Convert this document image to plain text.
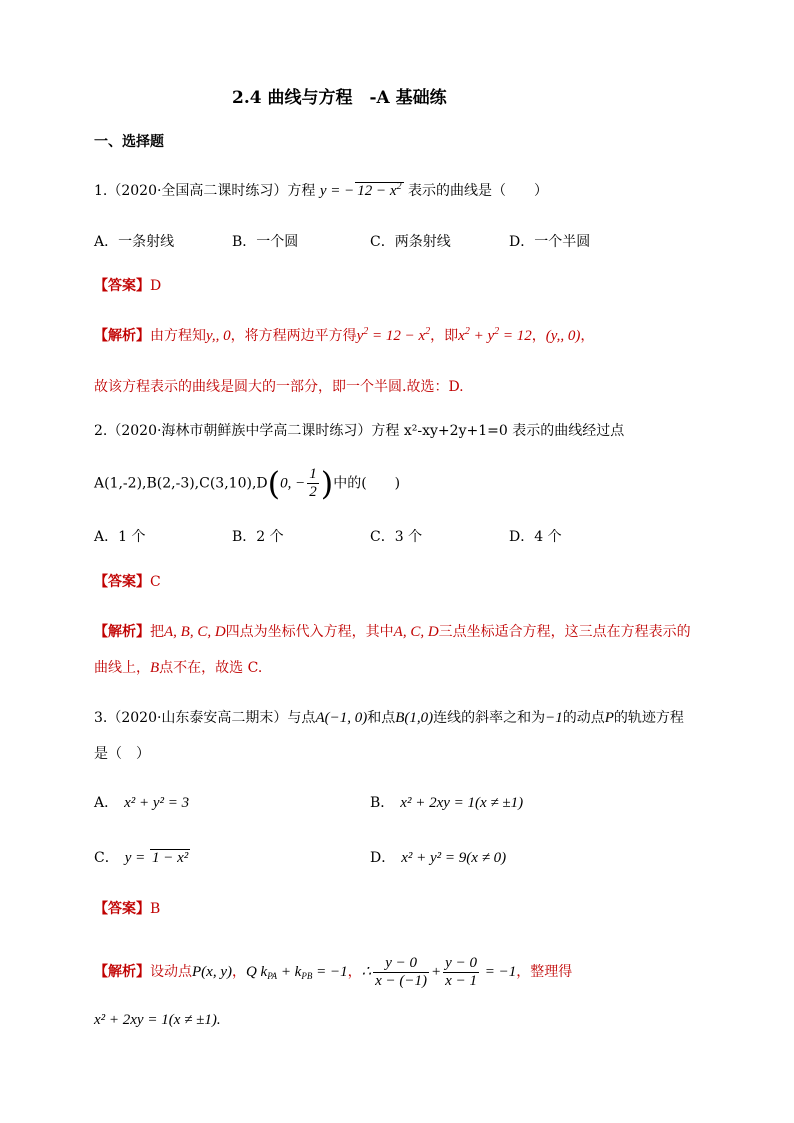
2.4 曲线与方程　-A 基础练
一、选择题
1.（2020·全国高二课时练习）方程 y = − $12 - x^2$ 表示的曲线是（　　）
A．一条射线	B．一个圆	C．两条射线	D．一个半圆
【答案】D
【解析】由方程知y,, 0，将方程两边平方得$y^2 = 12 - x^2$，即$x^2 + y^2 = 12$，(y,, 0)，
故该方程表示的曲线是圆大的一部分，即一个半圆.故选：D.
2.（2020·海林市朝鲜族中学高二课时练习）方程 x²-xy+2y+1=0 表示的曲线经过点
A(1,-2),B(2,-3),C(3,10),D(0, − $\frac{1}{2}$ )中的(　　)
A．1 个	B．2 个	C．3 个	D．4 个
【答案】C
【解析】把A, B, C, D四点为坐标代入方程，其中A, C, D三点坐标适合方程，这三点在方程表示的
曲线上，B点不在，故选 C.
3.（2020·山东泰安高二期末）与点A(−1, 0)和点B(1,0)连线的斜率之和为−1的动点P的轨迹方程
是（　）
A． x² + y² = 3	B． x² + 2xy = 1(x ≠ ±1)
C． y = 1 − x²	D． x² + y² = 9(x ≠ 0)
【答案】B
【解析】设动点P(x, y)，Q $k_{PA} + k_{PB} = -1$，∴ $\frac{y - 0}{x - (-1)} + \frac{y - 0}{x - 1} = -1$，整理得
x² + 2xy = 1(x ≠ ±1).
